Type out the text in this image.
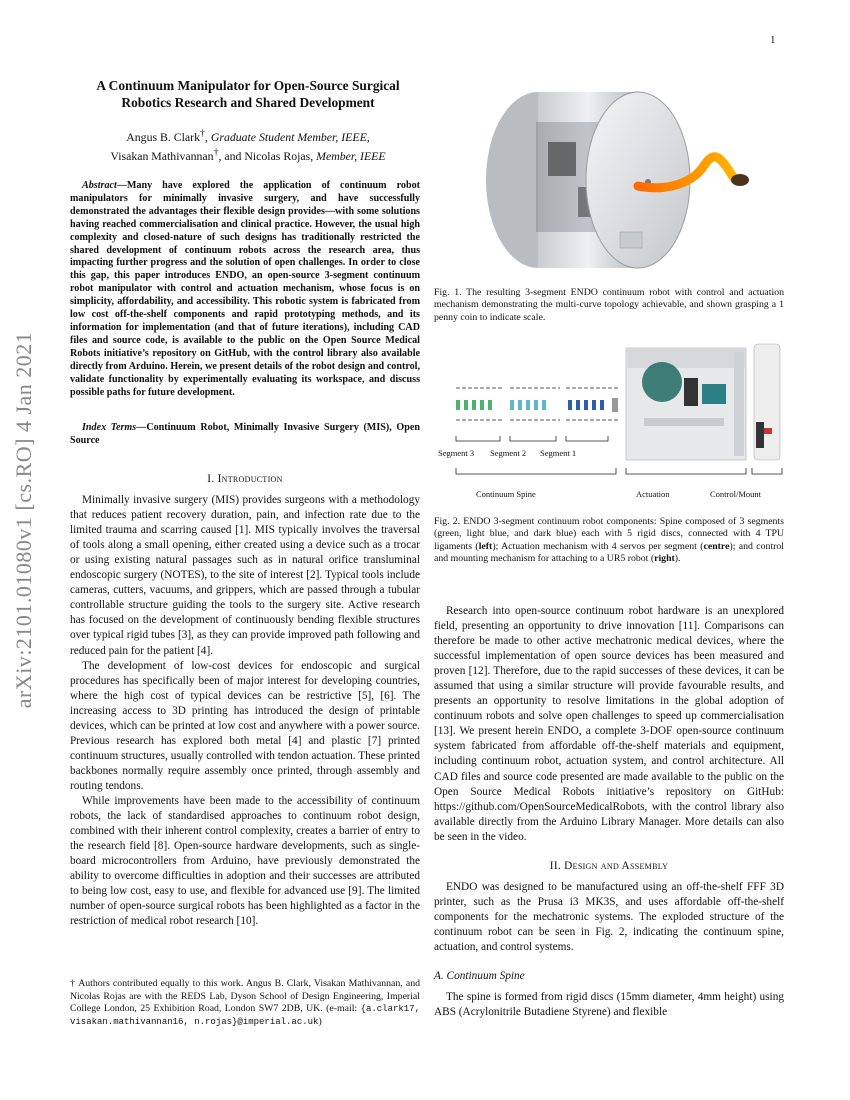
1
arXiv:2101.01080v1 [cs.RO] 4 Jan 2021
A Continuum Manipulator for Open-Source Surgical
Robotics Research and Shared Development
Angus B. Clark†, Graduate Student Member, IEEE,
Visakan Mathivannan†, and Nicolas Rojas, Member, IEEE
Abstract—Many have explored the application of continuum robot manipulators for minimally invasive surgery, and have successfully demonstrated the advantages their flexible design provides—with some solutions having reached commercialisation and clinical practice. However, the usual high complexity and closed-nature of such designs has traditionally restricted the shared development of continuum robots across the research area, thus impacting further progress and the solution of open challenges. In order to close this gap, this paper introduces ENDO, an open-source 3-segment continuum robot manipulator with control and actuation mechanism, whose focus is on simplicity, affordability, and accessibility. This robotic system is fabricated from low cost off-the-shelf components and rapid prototyping methods, and its information for implementation (and that of future iterations), including CAD files and source code, is available to the public on the Open Source Medical Robots initiative’s repository on GitHub, with the control library also available directly from Arduino. Herein, we present details of the robot design and control, validate functionality by experimentally evaluating its workspace, and discuss possible paths for future development.
Index Terms—Continuum Robot, Minimally Invasive Surgery (MIS), Open Source
I. Introduction

Minimally invasive surgery (MIS) provides surgeons with a methodology that reduces patient recovery duration, pain, and infection rate due to the limited trauma and scarring caused [1]. MIS typically involves the traversal of tools along a small opening, either created using a device such as a trocar or using existing natural passages such as in natural orifice transluminal endoscopic surgery (NOTES), to the site of interest [2]. Typical tools include cameras, cutters, vacuums, and grippers, which are passed through a tubular controllable structure guiding the tools to the surgery site. Active research has focused on the development of continuously bending flexible structures over typical rigid tubes [3], as they can provide improved path following and reduced pain for the patient [4].

The development of low-cost devices for endoscopic and surgical procedures has specifically been of major interest for developing countries, where the high cost of typical devices can be restrictive [5], [6]. The increasing access to 3D printing has introduced the design of printable devices, which can be printed at low cost and anywhere with a power source. Previous research has explored both metal [4] and plastic [7] printed continuum structures, usually controlled with tendon actuation. These printed backbones normally require assembly once printed, through assembly and routing tendons.

While improvements have been made to the accessibility of continuum robots, the lack of standardised approaches to continuum robot design, combined with their inherent control complexity, creates a barrier of entry to the research field [8]. Open-source hardware developments, such as single-board microcontrollers from Arduino, have previously demonstrated the ability to overcome difficulties in adoption and their successes are attributed to being low cost, easy to use, and flexible for advanced use [9]. The limited number of open-source surgical robots has been highlighted as a factor in the restriction of medical robot research [10].

† Authors contributed equally to this work. Angus B. Clark, Visakan Mathivannan, and Nicolas Rojas are with the REDS Lab, Dyson School of Design Engineering, Imperial College London, 25 Exhibition Road, London SW7 2DB, UK. (e-mail: {a.clark17, visakan.mathivannan16, n.rojas}@imperial.ac.uk)
Fig. 1. The resulting 3-segment ENDO continuum robot with control and actuation mechanism demonstrating the multi-curve topology achievable, and shown grasping a 1 penny coin to indicate scale.
Segment 3 Segment 2 Segment 1
Continuum Spine	Actuation	Control/Mount
Fig. 2. ENDO 3-segment continuum robot components: Spine composed of 3 segments (green, light blue, and dark blue) each with 5 rigid discs, connected with 4 TPU ligaments (left); Actuation mechanism with 4 servos per segment (centre); and control and mounting mechanism for attaching to a UR5 robot (right).

Research into open-source continuum robot hardware is an unexplored field, presenting an opportunity to drive innovation [11]. Comparisons can therefore be made to other active mechatronic medical devices, where the successful implementation of open source devices has been measured and proven [12]. Therefore, due to the rapid successes of these devices, it can be assumed that using a similar structure will provide favourable results, and presents an opportunity to resolve limitations in the global adoption of continuum robots and solve open challenges to speed up commercialisation [13]. We present herein ENDO, a complete 3-DOF open-source continuum system fabricated from affordable off-the-shelf materials and equipment, including continuum robot, actuation system, and control architecture. All CAD files and source code presented are made available to the public on the Open Source Medical Robots initiative’s repository on GitHub: https://github.com/OpenSourceMedicalRobots, with the control library also available directly from the Arduino Library Manager. More details can also be seen in the video.

II. Design and Assembly

ENDO was designed to be manufactured using an off-the-shelf FFF 3D printer, such as the Prusa i3 MK3S, and uses affordable off-the-shelf components for the mechatronic systems. The exploded structure of the continuum robot can be seen in Fig. 2, indicating the continuum spine, actuation, and control systems.

A. Continuum Spine

The spine is formed from rigid discs (15mm diameter, 4mm height) using ABS (Acrylonitrile Butadiene Styrene) and flexible
